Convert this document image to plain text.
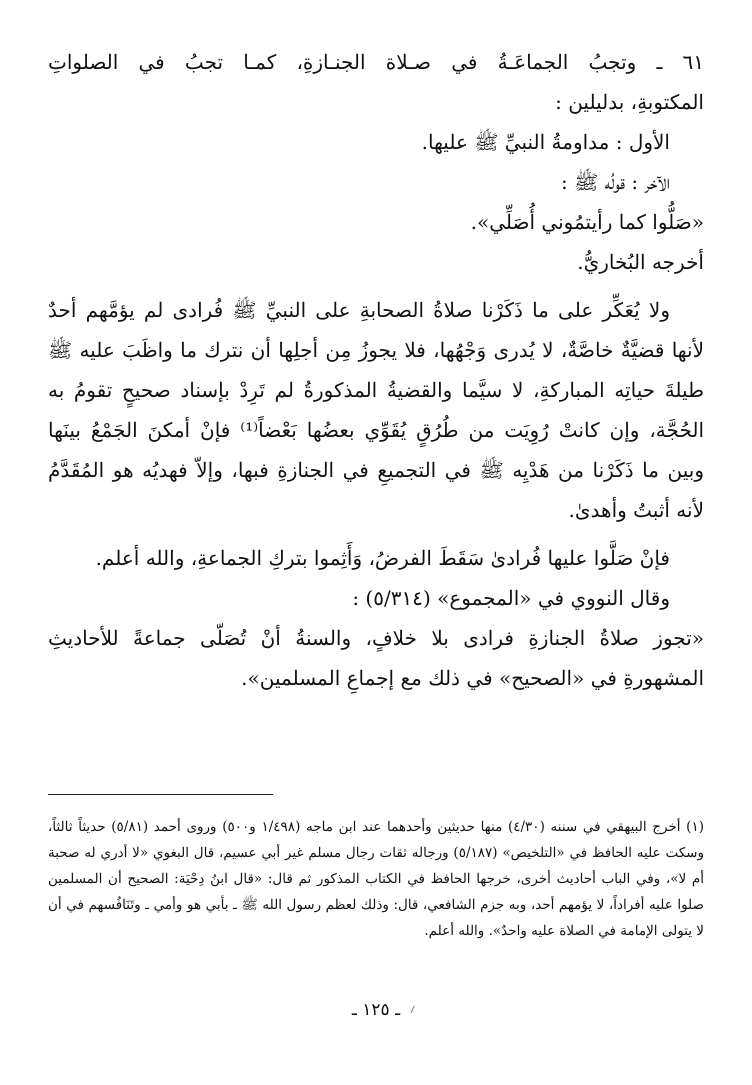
٦١ ـ وتجبُ الجماعَـةُ في صـلاة الجنـازةِ، كمـا تجبُ في الصلواتِ

المكتوبةِ، بدليلين :

الأول : مداومةُ النبيِّ ﷺ عليها.

الآخر : قولُه ﷺ :

«صَلُّوا كما رأيتمُوني أُصَلِّي».

أخرجه البُخاريُّ.

ولا يُعَكِّر على ما ذَكَرْنا صلاةُ الصحابةِ على النبيِّ ﷺ فُرادى لم يؤمَّهم أحدٌ لأنها قضيَّةٌ خاصَّةٌ، لا يُدرى وَجْهُها، فلا يجوزُ مِن أجلِها أن نترك ما واظَبَ عليه ﷺ طيلةَ حياتِه المباركةِ، لا سيَّما والقضيةُ المذكورةُ لم تَرِدْ بإسناد صحيحٍ تقومُ به الحُجَّة، وإن كانتْ رُوِيَت من طُرُقٍ يُقَوِّي بعضُها بَعْضاً⁽¹⁾ فإنْ أمكنَ الجَمْعُ بينَها وبين ما ذَكَرْنا من هَدْيِه ﷺ في التجميعِ في الجنازةِ فبها، وإلاّ فهديُه هو المُقَدَّمُ لأنه أثبتُ وأهدىٰ.

فإنْ صَلَّوا عليها فُرادىٰ سَقَطَ الفرضُ، وَأَثِموا بتركِ الجماعةِ، والله أعلم.

وقال النووي في «المجموع» (٥/٣١٤) :

«تجوز صلاةُ الجنازةِ فرادى بلا خلافٍ، والسنةُ أنْ تُصَلّى جماعةً للأحاديثِ المشهورةِ في «الصحيح» في ذلك مع إجماعِ المسلمين».

(١) أخرج البيهقي في سننه (٤/٣٠) منها حديثين وأحدهما عند ابن ماجه (١/٤٩٨ و٥٠٠) وروى أحمد (٥/٨١) حديثاً ثالثاً، وسكت عليه الحافظ في «التلخيص» (٥/١٨٧) ورجاله ثقات رجال مسلم غير أبي عسيم، قال البغوي «لا أدري له صحبة أم لا»، وفي الباب أحاديث أخرى، خرجها الحافظ في الكتاب المذكور ثم قال: «قال ابنُ دِحْيَة: الصحيح أن المسلمين صلوا عليه أفراداً، لا يؤمهم أحد، وبه جزم الشافعي، قال: وذلك لعظم رسول الله ﷺ ـ بأبي هو وأمي ـ وتَنَافُسهم في أن لا يتولى الإمامة في الصلاة عليه واحدٌ». والله أعلم.

ـ ١٢٥ ـ
